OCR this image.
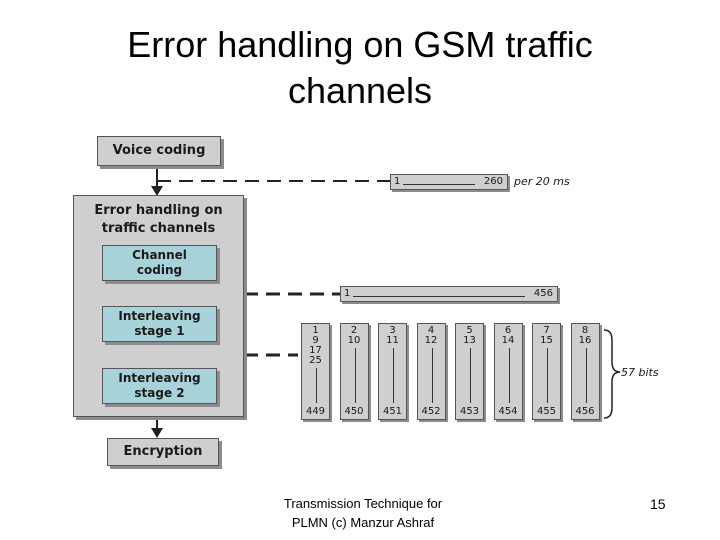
Error handling on GSM traffic
channels
Voice coding
Error handling on
traffic channels
Channel
coding
Interleaving
stage 1
Interleaving
stage 2
Encryption
1	260 per 20 ms
1	456
1
9
17
25
449
2
10
450
3
11
451
4
12
452
5
13
453
6
14
454
7
15
455
8
16
456
57 bits
Transmission Technique for
PLMN (c) Manzur Ashraf
15
